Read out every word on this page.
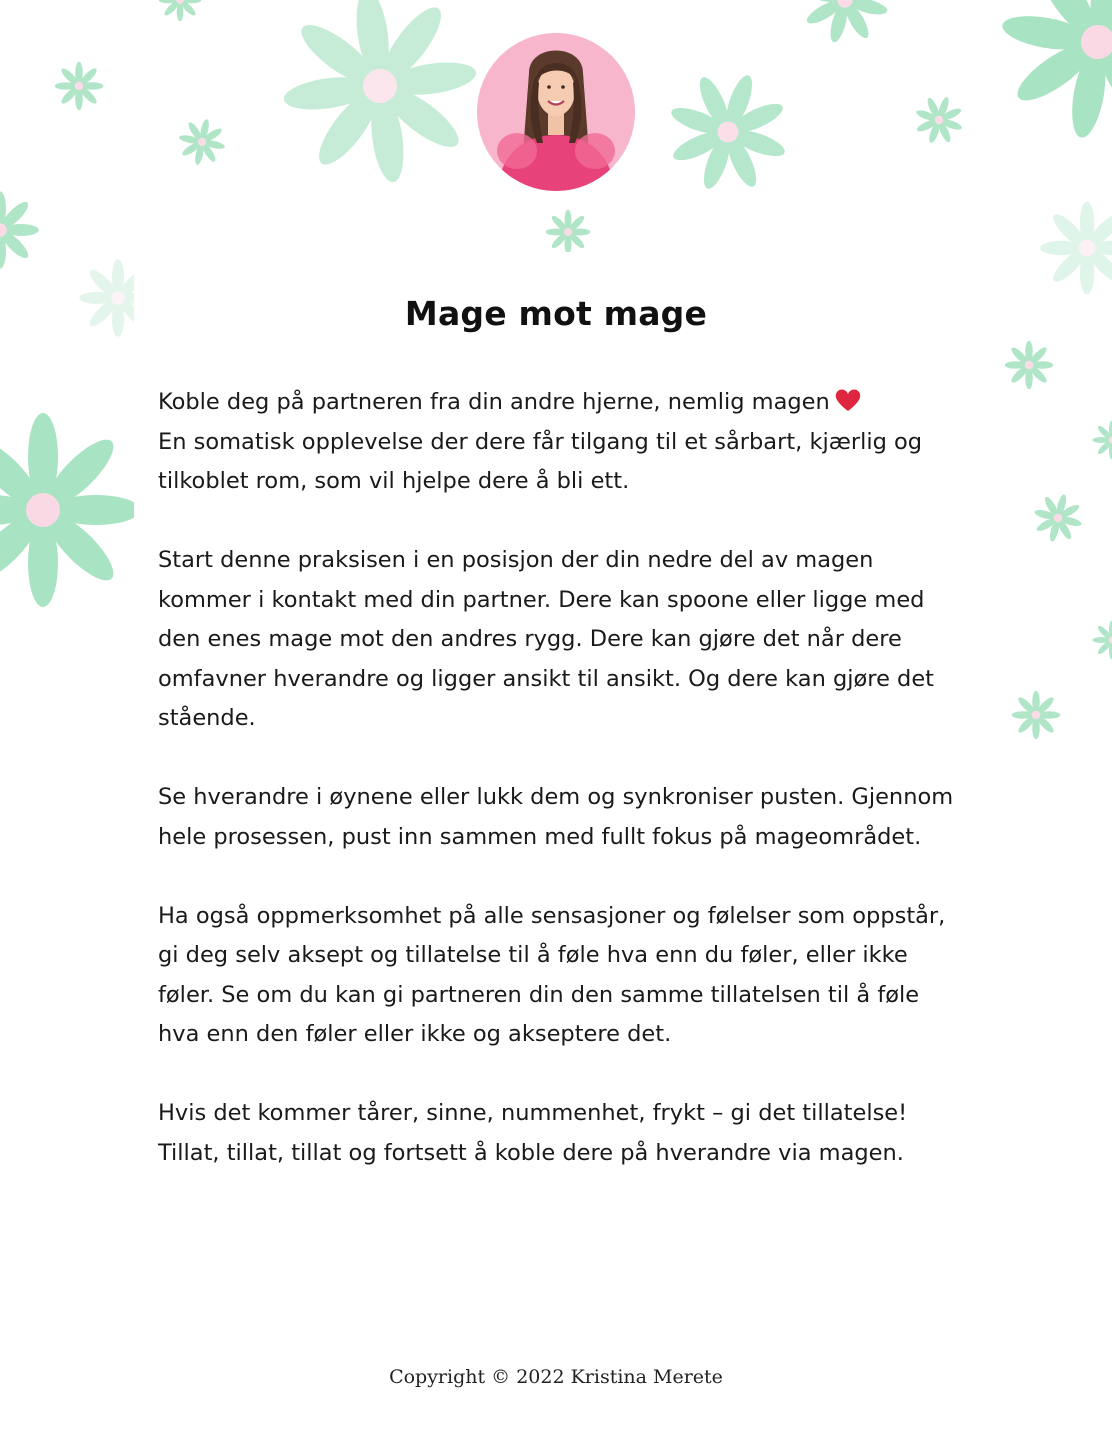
Mage mot mage

Koble deg på partneren fra din andre hjerne, nemlig magen
En somatisk opplevelse der dere får tilgang til et sårbart, kjærlig og
tilkoblet rom, som vil hjelpe dere å bli ett.

Start denne praksisen i en posisjon der din nedre del av magen
kommer i kontakt med din partner. Dere kan spoone eller ligge med
den enes mage mot den andres rygg. Dere kan gjøre det når dere
omfavner hverandre og ligger ansikt til ansikt. Og dere kan gjøre det
stående.

Se hverandre i øynene eller lukk dem og synkroniser pusten. Gjennom
hele prosessen, pust inn sammen med fullt fokus på mageområdet.

Ha også oppmerksomhet på alle sensasjoner og følelser som oppstår,
gi deg selv aksept og tillatelse til å føle hva enn du føler, eller ikke
føler. Se om du kan gi partneren din den samme tillatelsen til å føle
hva enn den føler eller ikke og akseptere det.

Hvis det kommer tårer, sinne, nummenhet, frykt – gi det tillatelse!
Tillat, tillat, tillat og fortsett å koble dere på hverandre via magen.

Copyright © 2022 Kristina Merete
